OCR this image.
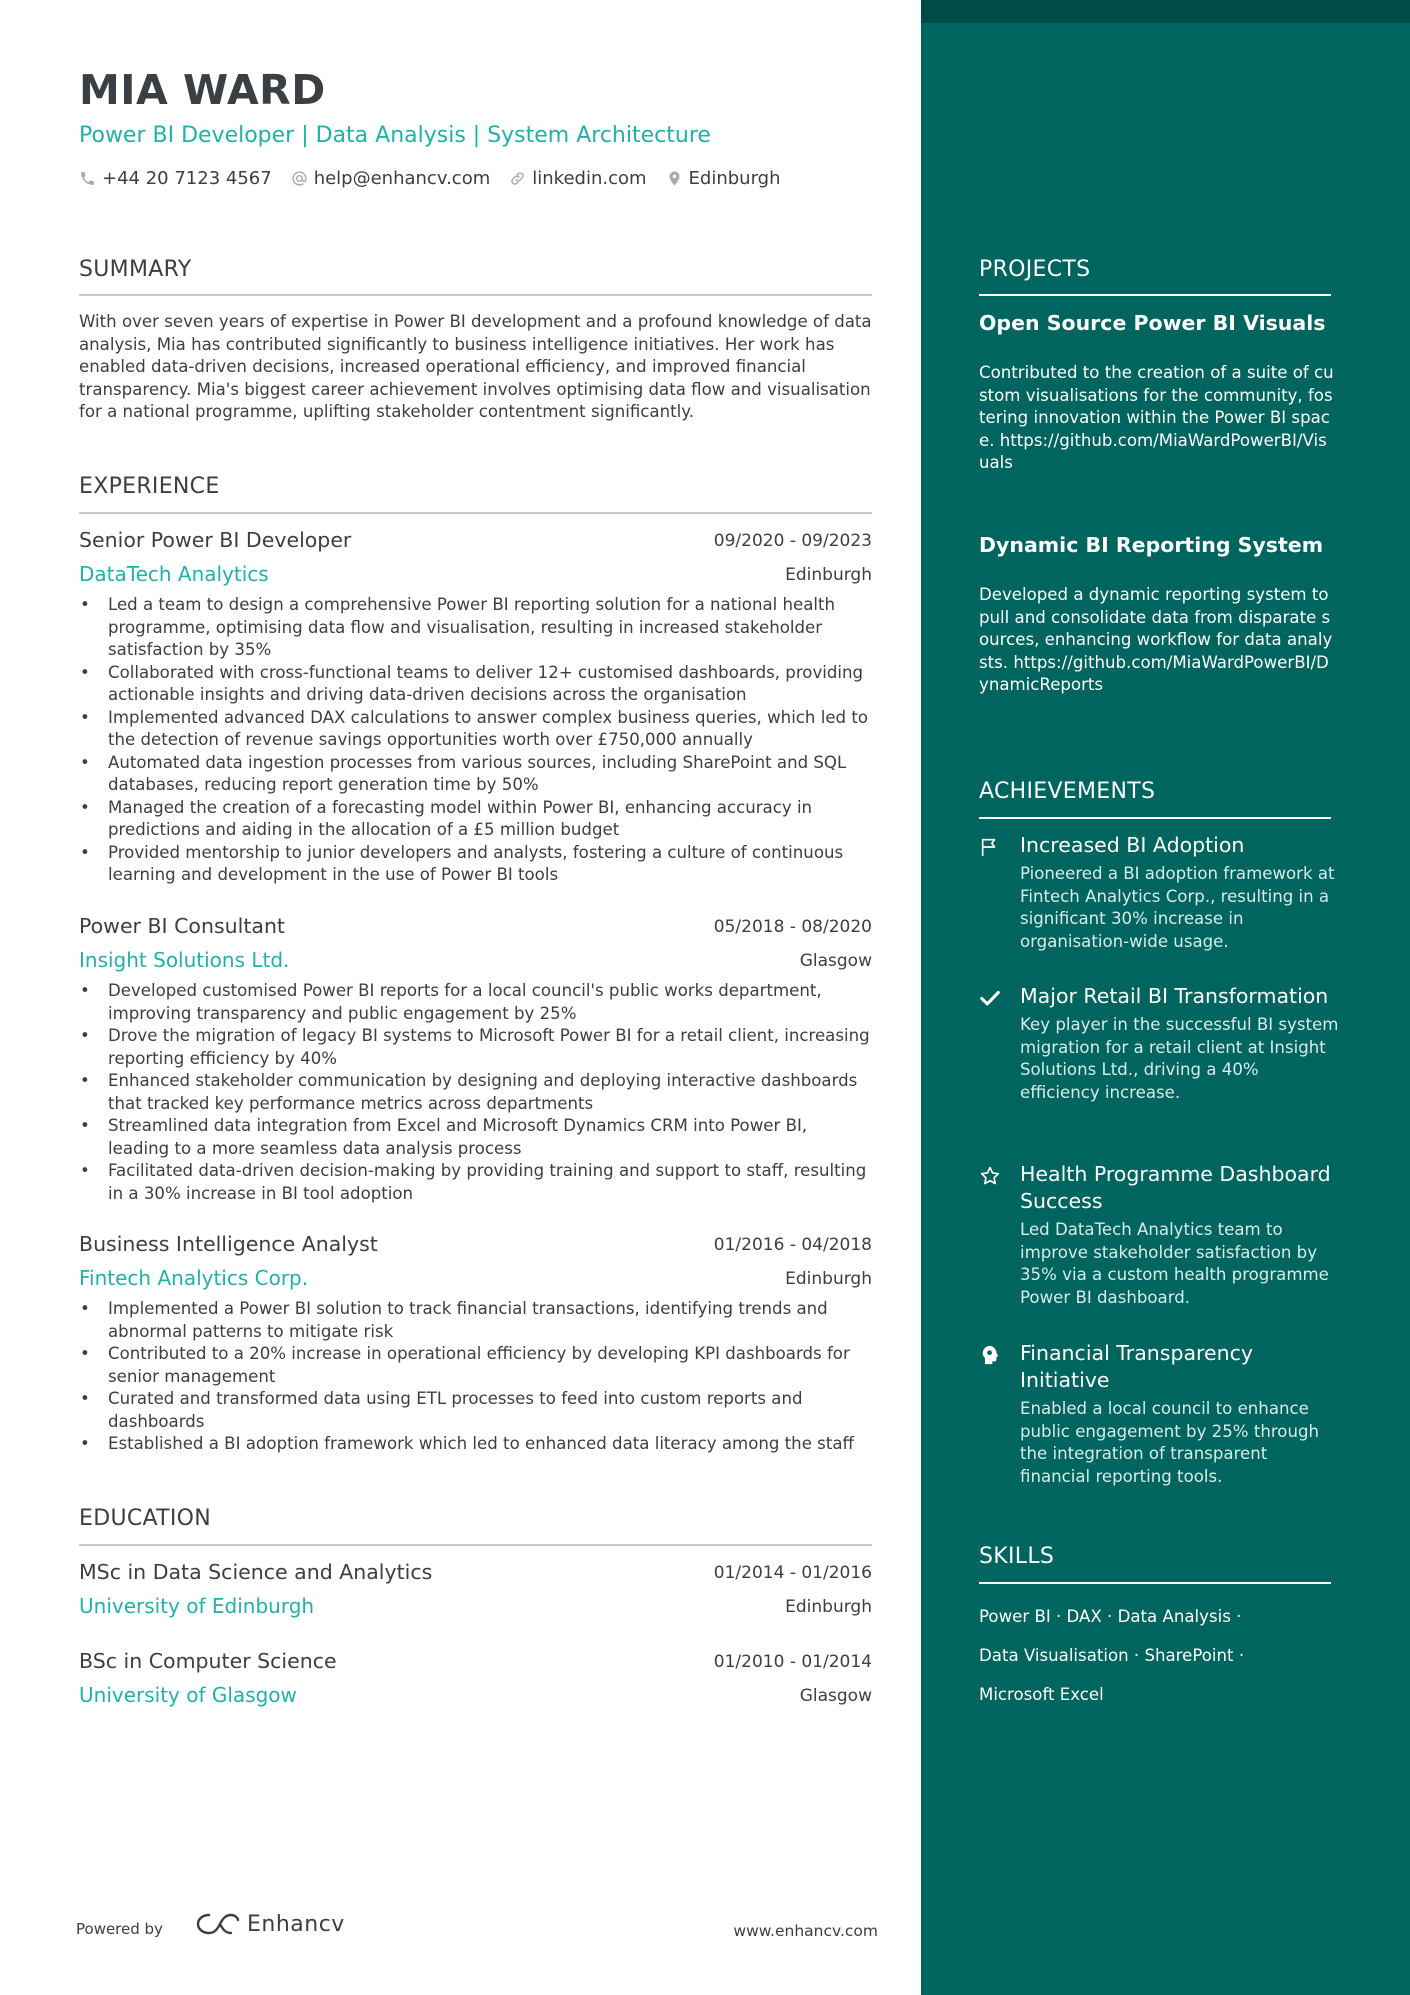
MIA WARD
Power BI Developer | Data Analysis | System Architecture
+44 20 7123 4567 help@enhancv.com linkedin.com Edinburgh
SUMMARY
With over seven years of expertise in Power BI development and a profound knowledge of data analysis, Mia has contributed significantly to business intelligence initiatives. Her work has enabled data-driven decisions, increased operational efficiency, and improved financial transparency. Mia's biggest career achievement involves optimising data flow and visualisation for a national programme, uplifting stakeholder contentment significantly.
EXPERIENCE
Senior Power BI Developer	09/2020 - 09/2023
DataTech Analytics	Edinburgh
• Led a team to design a comprehensive Power BI reporting solution for a national health programme, optimising data flow and visualisation, resulting in increased stakeholder satisfaction by 35%
• Collaborated with cross-functional teams to deliver 12+ customised dashboards, providing actionable insights and driving data-driven decisions across the organisation
• Implemented advanced DAX calculations to answer complex business queries, which led to the detection of revenue savings opportunities worth over £750,000 annually
• Automated data ingestion processes from various sources, including SharePoint and SQL databases, reducing report generation time by 50%
• Managed the creation of a forecasting model within Power BI, enhancing accuracy in predictions and aiding in the allocation of a £5 million budget
• Provided mentorship to junior developers and analysts, fostering a culture of continuous learning and development in the use of Power BI tools
Power BI Consultant	05/2018 - 08/2020
Insight Solutions Ltd.	Glasgow
• Developed customised Power BI reports for a local council's public works department, improving transparency and public engagement by 25%
• Drove the migration of legacy BI systems to Microsoft Power BI for a retail client, increasing reporting efficiency by 40%
• Enhanced stakeholder communication by designing and deploying interactive dashboards that tracked key performance metrics across departments
• Streamlined data integration from Excel and Microsoft Dynamics CRM into Power BI, leading to a more seamless data analysis process
• Facilitated data-driven decision-making by providing training and support to staff, resulting in a 30% increase in BI tool adoption
Business Intelligence Analyst	01/2016 - 04/2018
Fintech Analytics Corp.	Edinburgh
• Implemented a Power BI solution to track financial transactions, identifying trends and abnormal patterns to mitigate risk
• Contributed to a 20% increase in operational efficiency by developing KPI dashboards for senior management
• Curated and transformed data using ETL processes to feed into custom reports and dashboards
• Established a BI adoption framework which led to enhanced data literacy among the staff
EDUCATION
MSc in Data Science and Analytics	01/2014 - 01/2016
University of Edinburgh	Edinburgh
BSc in Computer Science	01/2010 - 01/2014
University of Glasgow	Glasgow
PROJECTS
Open Source Power BI Visuals
Contributed to the creation of a suite of custom visualisations for the community, fostering innovation within the Power BI space. https://github.com/MiaWardPowerBI/Visuals
Dynamic BI Reporting System
Developed a dynamic reporting system to pull and consolidate data from disparate sources, enhancing workflow for data analysts. https://github.com/MiaWardPowerBI/DynamicReports
ACHIEVEMENTS
Increased BI Adoption
Pioneered a BI adoption framework at Fintech Analytics Corp., resulting in a significant 30% increase in organisation-wide usage.
Major Retail BI Transformation
Key player in the successful BI system migration for a retail client at Insight Solutions Ltd., driving a 40% efficiency increase.
Health Programme Dashboard Success
Led DataTech Analytics team to improve stakeholder satisfaction by 35% via a custom health programme Power BI dashboard.
Financial Transparency Initiative
Enabled a local council to enhance public engagement by 25% through the integration of transparent financial reporting tools.
SKILLS
Power BI · DAX · Data Analysis ·
Data Visualisation · SharePoint ·
Microsoft Excel
Powered by	Enhancv	www.enhancv.com
